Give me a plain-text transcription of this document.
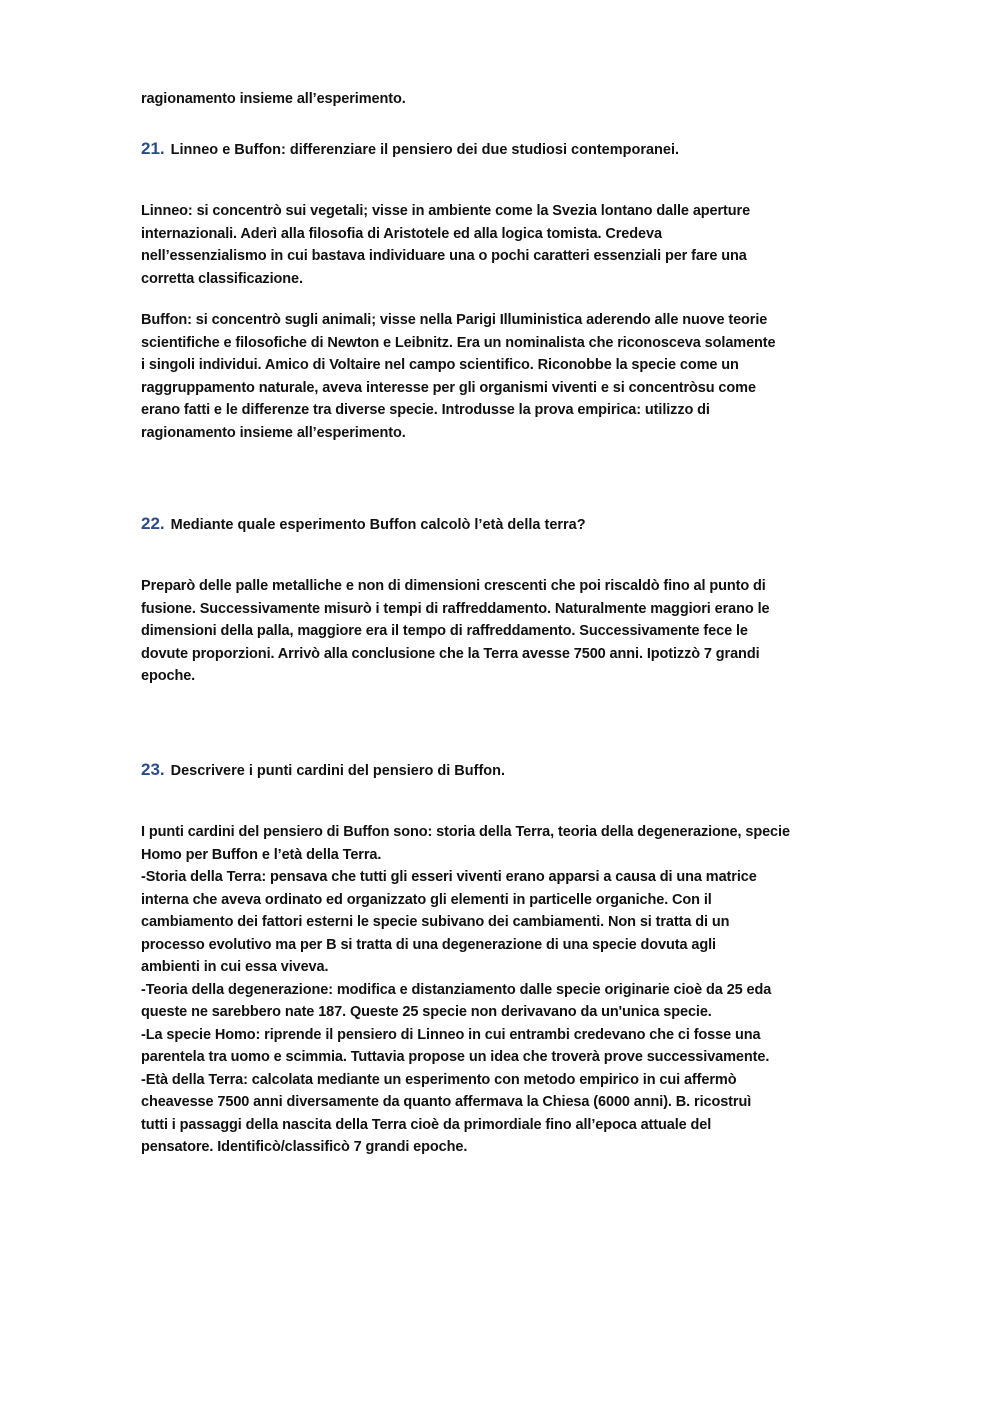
ragionamento insieme all’esperimento.

21. Linneo e Buffon: differenziare il pensiero dei due studiosi contemporanei.

Linneo: si concentrò sui vegetali; visse in ambiente come la Svezia lontano dalle aperture
internazionali. Aderì alla filosofia di Aristotele ed alla logica tomista. Credeva
nell’essenzialismo in cui bastava individuare una o pochi caratteri essenziali per fare una
corretta classificazione.
Buffon: si concentrò sugli animali; visse nella Parigi Illuministica aderendo alle nuove teorie
scientifiche e filosofiche di Newton e Leibnitz. Era un nominalista che riconosceva solamente
i singoli individui. Amico di Voltaire nel campo scientifico. Riconobbe la specie come un
raggruppamento naturale, aveva interesse per gli organismi viventi e si concentròsu come
erano fatti e le differenze tra diverse specie. Introdusse la prova empirica: utilizzo di
ragionamento insieme all’esperimento.

22. Mediante quale esperimento Buffon calcolò l’età della terra?

Preparò delle palle metalliche e non di dimensioni crescenti che poi riscaldò fino al punto di
fusione. Successivamente misurò i tempi di raffreddamento. Naturalmente maggiori erano le
dimensioni della palla, maggiore era il tempo di raffreddamento. Successivamente fece le
dovute proporzioni. Arrivò alla conclusione che la Terra avesse 7500 anni. Ipotizzò 7 grandi
epoche.

23. Descrivere i punti cardini del pensiero di Buffon.

I punti cardini del pensiero di Buffon sono: storia della Terra, teoria della degenerazione, specie
Homo per Buffon e l’età della Terra.
-Storia della Terra: pensava che tutti gli esseri viventi erano apparsi a causa di una matrice
interna che aveva ordinato ed organizzato gli elementi in particelle organiche. Con il
cambiamento dei fattori esterni le specie subivano dei cambiamenti. Non si tratta di un
processo evolutivo ma per B si tratta di una degenerazione di una specie dovuta agli
ambienti in cui essa viveva.
-Teoria della degenerazione: modifica e distanziamento dalle specie originarie cioè da 25 eda
queste ne sarebbero nate 187. Queste 25 specie non derivavano da un'unica specie.
-La specie Homo: riprende il pensiero di Linneo in cui entrambi credevano che ci fosse una
parentela tra uomo e scimmia. Tuttavia propose un idea che troverà prove successivamente.
-Età della Terra: calcolata mediante un esperimento con metodo empirico in cui affermò
cheavesse 7500 anni diversamente da quanto affermava la Chiesa (6000 anni). B. ricostruì
tutti i passaggi della nascita della Terra cioè da primordiale fino all’epoca attuale del
pensatore. Identificò/classificò 7 grandi epoche.
